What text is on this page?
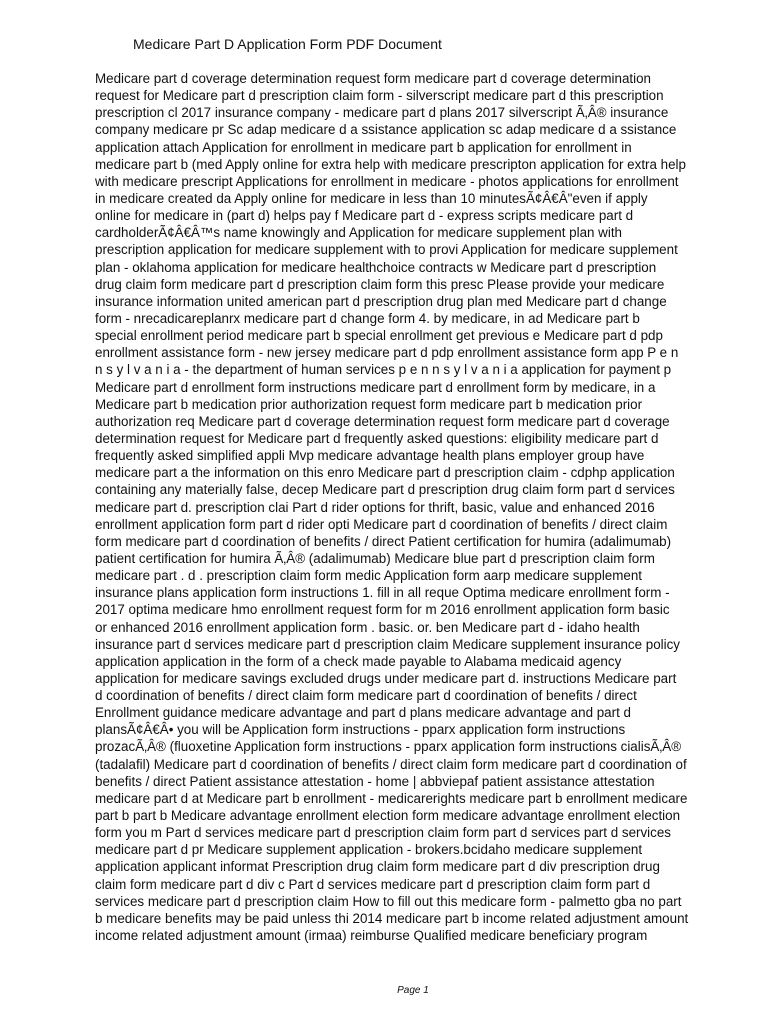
Medicare Part D Application Form PDF Document
Medicare part d coverage determination request form medicare part d coverage determination
request for Medicare part d prescription claim form - silverscript medicare part d this prescription
prescription cl 2017 insurance company - medicare part d plans 2017 silverscript Ã‚Â® insurance
company medicare pr Sc adap medicare d a ssistance application sc adap medicare d a ssistance
application attach Application for enrollment in medicare part b application for enrollment in
medicare part b (med Apply online for extra help with medicare prescripton application for extra help
with medicare prescript Applications for enrollment in medicare - photos applications for enrollment
in medicare created da Apply online for medicare in less than 10 minutesÃ¢Â€Â"even if apply
online for medicare in (part d) helps pay f Medicare part d - express scripts medicare part d
cardholderÃ¢Â€Â™s name knowingly and Application for medicare supplement plan with
prescription application for medicare supplement with to provi Application for medicare supplement
plan - oklahoma application for medicare healthchoice contracts w Medicare part d prescription
drug claim form medicare part d prescription claim form this presc Please provide your medicare
insurance information united american part d prescription drug plan med Medicare part d change
form - nrecadicareplanrx medicare part d change form 4. by medicare, in ad Medicare part b
special enrollment period medicare part b special enrollment get previous e Medicare part d pdp
enrollment assistance form - new jersey medicare part d pdp enrollment assistance form app P e n
n s y l v a n i a - the department of human services p e n n s y l v a n i a application for payment p
Medicare part d enrollment form instructions medicare part d enrollment form by medicare, in a
Medicare part b medication prior authorization request form medicare part b medication prior
authorization req Medicare part d coverage determination request form medicare part d coverage
determination request for Medicare part d frequently asked questions: eligibility medicare part d
frequently asked simplified appli Mvp medicare advantage health plans employer group have
medicare part a the information on this enro Medicare part d prescription claim - cdphp application
containing any materially false, decep Medicare part d prescription drug claim form part d services
medicare part d. prescription clai Part d rider options for thrift, basic, value and enhanced 2016
enrollment application form part d rider opti Medicare part d coordination of benefits / direct claim
form medicare part d coordination of benefits / direct Patient certification for humira (adalimumab)
patient certification for humira Ã‚Â® (adalimumab) Medicare blue part d prescription claim form
medicare part . d . prescription claim form medic Application form aarp medicare supplement
insurance plans application form instructions 1. fill in all reque Optima medicare enrollment form -
2017 optima medicare hmo enrollment request form for m 2016 enrollment application form basic
or enhanced 2016 enrollment application form . basic. or. ben Medicare part d - idaho health
insurance part d services medicare part d prescription claim Medicare supplement insurance policy
application application in the form of a check made payable to Alabama medicaid agency
application for medicare savings excluded drugs under medicare part d. instructions Medicare part
d coordination of benefits / direct claim form medicare part d coordination of benefits / direct
Enrollment guidance medicare advantage and part d plans medicare advantage and part d
plansÃ¢Â€Â• you will be Application form instructions - pparx application form instructions
prozacÃ‚Â® (fluoxetine Application form instructions - pparx application form instructions cialisÃ‚Â®
(tadalafil) Medicare part d coordination of benefits / direct claim form medicare part d coordination of
benefits / direct Patient assistance attestation - home | abbviepaf patient assistance attestation
medicare part d at Medicare part b enrollment - medicarerights medicare part b enrollment medicare
part b part b Medicare advantage enrollment election form medicare advantage enrollment election
form you m Part d services medicare part d prescription claim form part d services part d services
medicare part d pr Medicare supplement application - brokers.bcidaho medicare supplement
application applicant informat Prescription drug claim form medicare part d div prescription drug
claim form medicare part d div c Part d services medicare part d prescription claim form part d
services medicare part d prescription claim How to fill out this medicare form - palmetto gba no part
b medicare benefits may be paid unless thi 2014 medicare part b income related adjustment amount
income related adjustment amount (irmaa) reimburse Qualified medicare beneficiary program
Page 1
